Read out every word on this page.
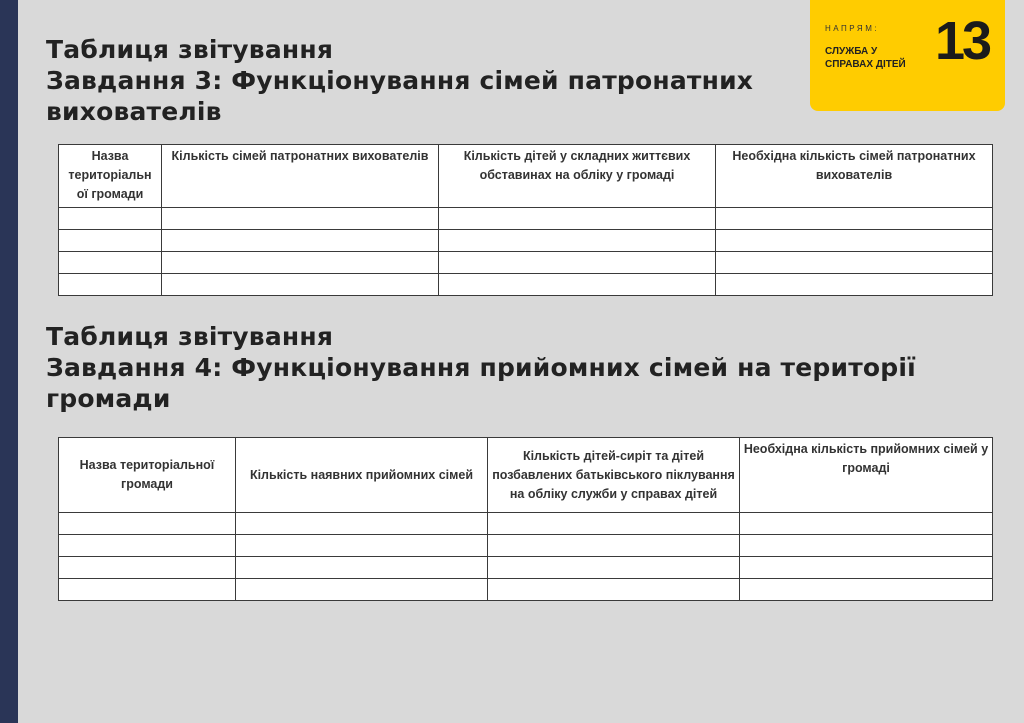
НАПРЯМ:
СЛУЖБА У
СПРАВАХ ДІТЕЙ 13
Таблиця звітування
Завдання 3: Функціонування сімей патронатних
вихователів
Назва територіальн ої громади	Кількість сімей патронатних вихователів	Кількість дітей у складних життєвих обставинах на обліку у громаді	Необхідна кількість сімей патронатних вихователів

Таблиця звітування
Завдання 4: Функціонування прийомних сімей на території
громади
Назва територіальної громади	Кількість наявних прийомних сімей	Кількість дітей-сиріт та дітей позбавлених батьківського піклування на обліку служби у справах дітей	Необхідна кількість прийомних сімей у громаді
